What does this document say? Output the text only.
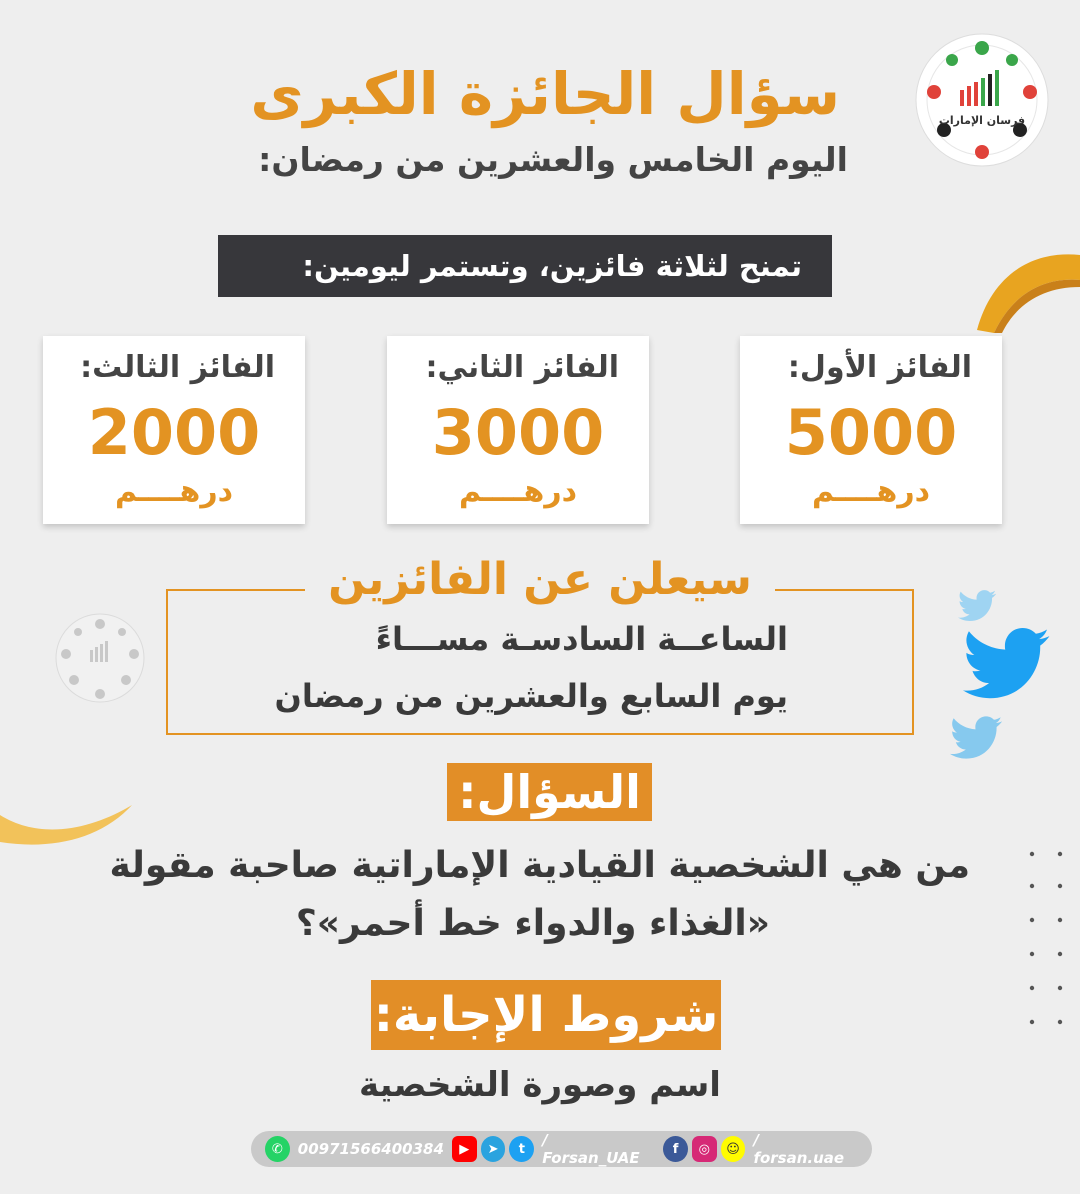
فرسان الإمارات
سؤال الجائزة الكبرى
اليوم الخامس والعشرين من رمضان:
تمنح لثلاثة فائزين، وتستمر ليومين:
الفائز الأول:
5000
درهــــم
الفائز الثاني:
3000
درهــــم
الفائز الثالث:
2000
درهــــم
سيعلن عن الفائزين
الساعــة السادسـة مســـاءً
يوم السابع والعشرين من رمضان
السؤال:
من هي الشخصية القيادية الإماراتية صاحبة مقولة
«الغذاء والدواء خط أحمر»؟
شروط الإجابة:
اسم وصورة الشخصية
✆ 00971566400384	▶	➤	t	/ Forsan_UAE	f	◎	☺ / forsan.uae
